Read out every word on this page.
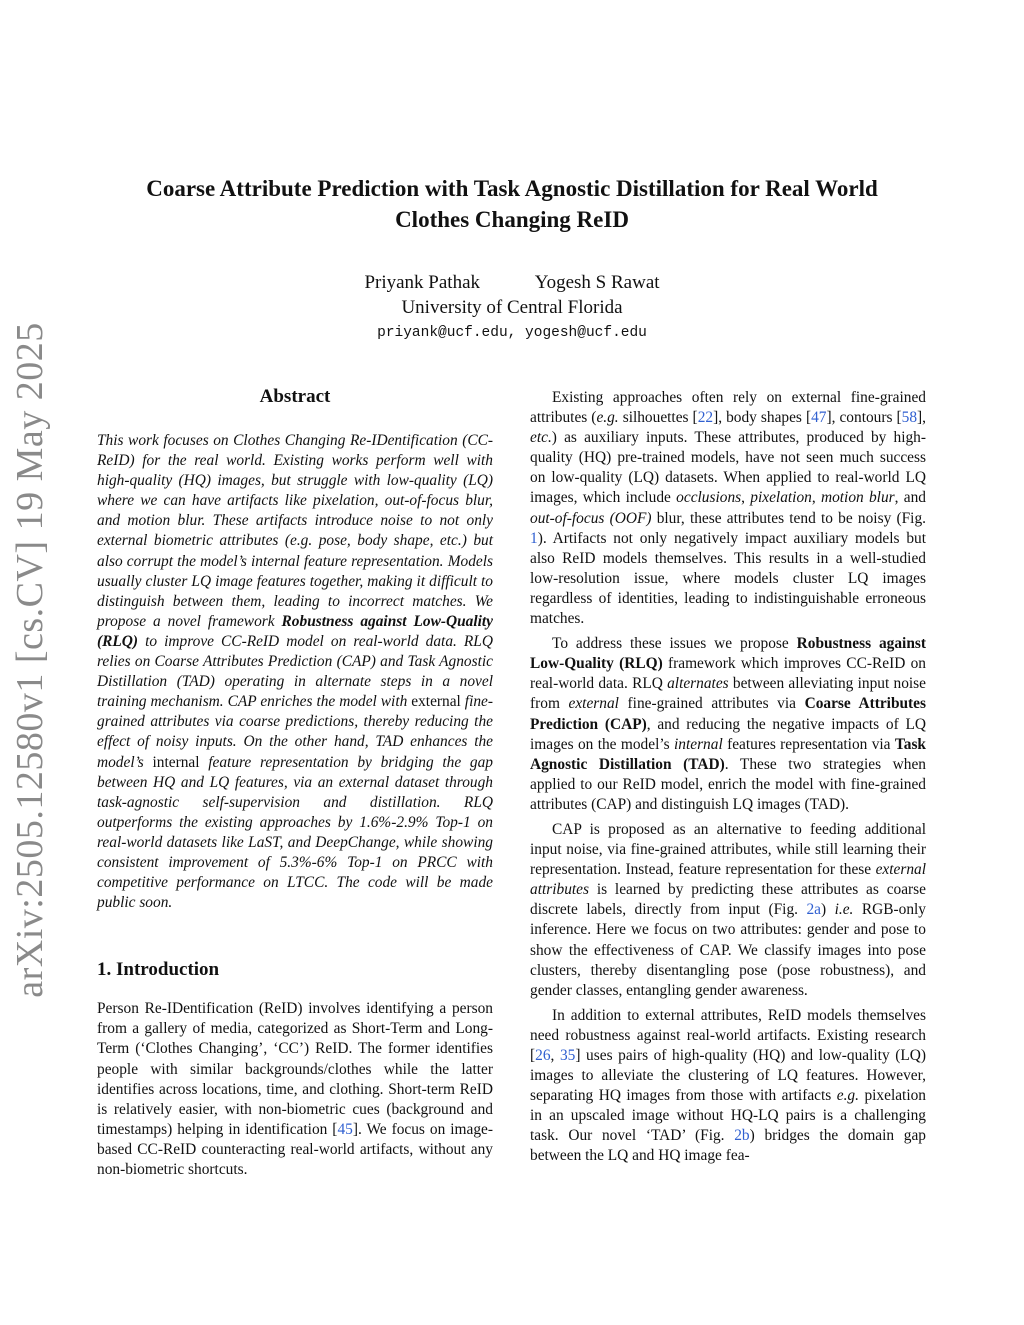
arXiv:2505.12580v1 [cs.CV] 19 May 2025
Coarse Attribute Prediction with Task Agnostic Distillation for Real World
Clothes Changing ReID
Priyank Pathak	Yogesh S Rawat
University of Central Florida
priyank@ucf.edu, yogesh@ucf.edu
Abstract

This work focuses on Clothes Changing Re-IDentification (CC-ReID) for the real world. Existing works perform well with high-quality (HQ) images, but struggle with low-quality (LQ) where we can have artifacts like pixelation, out-of-focus blur, and motion blur. These artifacts introduce noise to not only external biometric attributes (e.g. pose, body shape, etc.) but also corrupt the model’s internal feature representation. Models usually cluster LQ image features together, making it difficult to distinguish between them, leading to incorrect matches. We propose a novel framework Robustness against Low-Quality (RLQ) to improve CC-ReID model on real-world data. RLQ relies on Coarse Attributes Prediction (CAP) and Task Agnostic Distillation (TAD) operating in alternate steps in a novel training mechanism. CAP enriches the model with external fine-grained attributes via coarse predictions, thereby reducing the effect of noisy inputs. On the other hand, TAD enhances the model’s internal feature representation by bridging the gap between HQ and LQ features, via an external dataset through task-agnostic self-supervision and distillation. RLQ outperforms the existing approaches by 1.6%-2.9% Top-1 on real-world datasets like LaST, and DeepChange, while showing consistent improvement of 5.3%-6% Top-1 on PRCC with competitive performance on LTCC. The code will be made public soon.

1. Introduction

Person Re-IDentification (ReID) involves identifying a person from a gallery of media, categorized as Short-Term and Long-Term (‘Clothes Changing’, ‘CC’) ReID. The former identifies people with similar backgrounds/clothes while the latter identifies across locations, time, and clothing. Short-term ReID is relatively easier, with non-biometric cues (background and timestamps) helping in identification [45]. We focus on image-based CC-ReID counteracting real-world artifacts, without any non-biometric shortcuts.

Existing approaches often rely on external fine-grained attributes (e.g. silhouettes [22], body shapes [47], contours [58], etc.) as auxiliary inputs. These attributes, produced by high-quality (HQ) pre-trained models, have not seen much success on low-quality (LQ) datasets. When applied to real-world LQ images, which include occlusions, pixelation, motion blur, and out-of-focus (OOF) blur, these attributes tend to be noisy (Fig. 1). Artifacts not only negatively impact auxiliary models but also ReID models themselves. This results in a well-studied low-resolution issue, where models cluster LQ images regardless of identities, leading to indistinguishable erroneous matches.

To address these issues we propose Robustness against Low-Quality (RLQ) framework which improves CC-ReID on real-world data. RLQ alternates between alleviating input noise from external fine-grained attributes via Coarse Attributes Prediction (CAP), and reducing the negative impacts of LQ images on the model’s internal features representation via Task Agnostic Distillation (TAD). These two strategies when applied to our ReID model, enrich the model with fine-grained attributes (CAP) and distinguish LQ images (TAD).

CAP is proposed as an alternative to feeding additional input noise, via fine-grained attributes, while still learning their representation. Instead, feature representation for these external attributes is learned by predicting these attributes as coarse discrete labels, directly from input (Fig. 2a) i.e. RGB-only inference. Here we focus on two attributes: gender and pose to show the effectiveness of CAP. We classify images into pose clusters, thereby disentangling pose (pose robustness), and gender classes, entangling gender awareness.

In addition to external attributes, ReID models themselves need robustness against real-world artifacts. Existing research [26, 35] uses pairs of high-quality (HQ) and low-quality (LQ) images to alleviate the clustering of LQ features. However, separating HQ images from those with artifacts e.g. pixelation in an upscaled image without HQ-LQ pairs is a challenging task. Our novel ‘TAD’ (Fig. 2b) bridges the domain gap between the LQ and HQ image fea-
